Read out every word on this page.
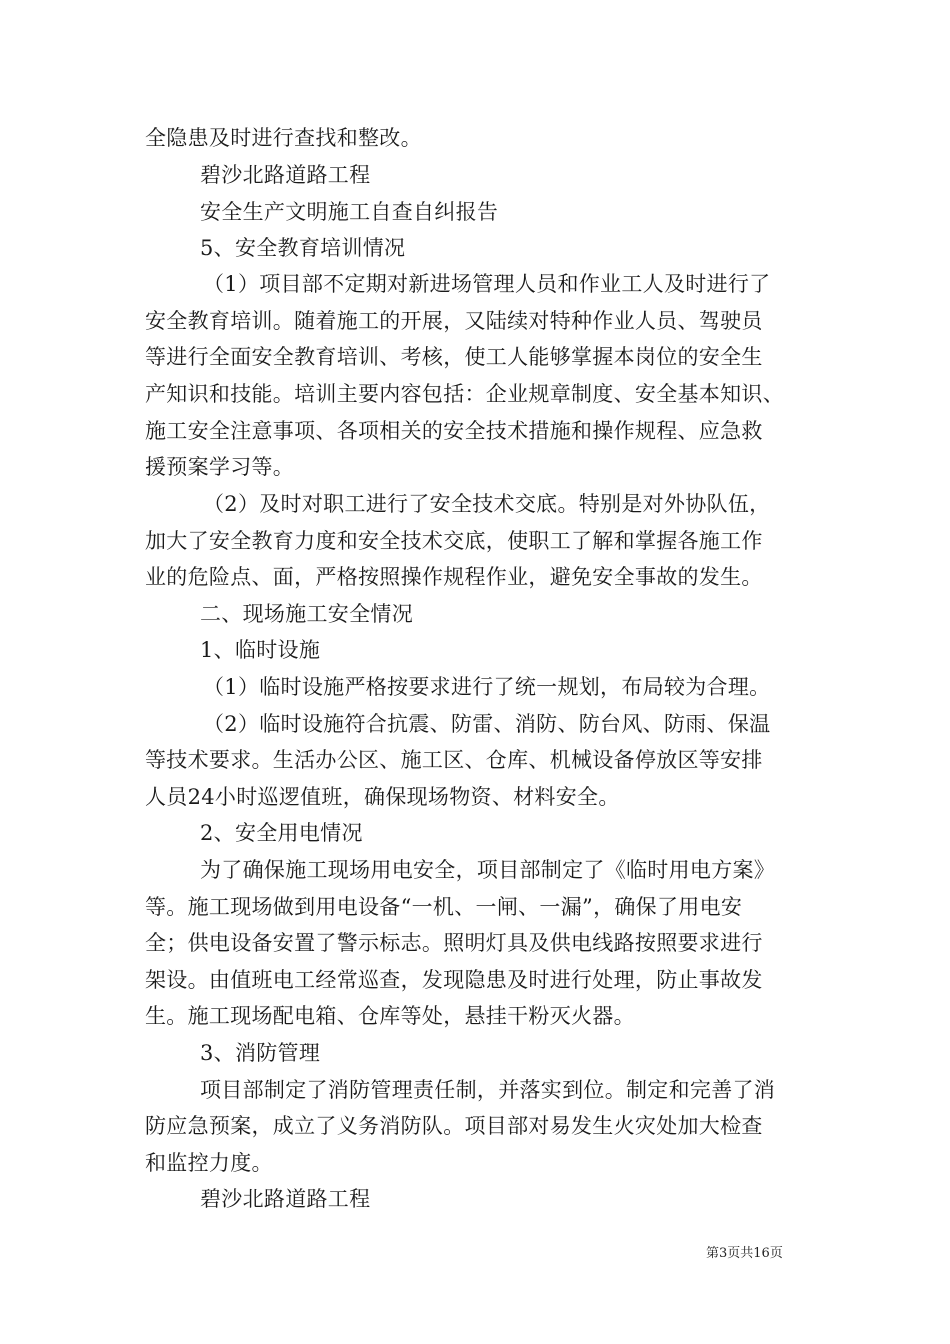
全隐患及时进行查找和整改。
碧沙北路道路工程
安全生产文明施工自查自纠报告
5、安全教育培训情况
（1）项目部不定期对新进场管理人员和作业工人及时进行了
安全教育培训。随着施工的开展，又陆续对特种作业人员、驾驶员
等进行全面安全教育培训、考核，使工人能够掌握本岗位的安全生
产知识和技能。培训主要内容包括：企业规章制度、安全基本知识、
施工安全注意事项、各项相关的安全技术措施和操作规程、应急救
援预案学习等。
（2）及时对职工进行了安全技术交底。特别是对外协队伍，
加大了安全教育力度和安全技术交底，使职工了解和掌握各施工作
业的危险点、面，严格按照操作规程作业，避免安全事故的发生。
二、现场施工安全情况
1、临时设施
（1）临时设施严格按要求进行了统一规划，布局较为合理。
（2）临时设施符合抗震、防雷、消防、防台风、防雨、保温
等技术要求。生活办公区、施工区、仓库、机械设备停放区等安排
人员24小时巡逻值班，确保现场物资、材料安全。
2、安全用电情况
为了确保施工现场用电安全，项目部制定了《临时用电方案》
等。施工现场做到用电设备“一机、一闸、一漏”，确保了用电安
全；供电设备安置了警示标志。照明灯具及供电线路按照要求进行
架设。由值班电工经常巡查，发现隐患及时进行处理，防止事故发
生。施工现场配电箱、仓库等处，悬挂干粉灭火器。
3、消防管理
项目部制定了消防管理责任制，并落实到位。制定和完善了消
防应急预案，成立了义务消防队。项目部对易发生火灾处加大检查
和监控力度。
碧沙北路道路工程
第3页共16页
